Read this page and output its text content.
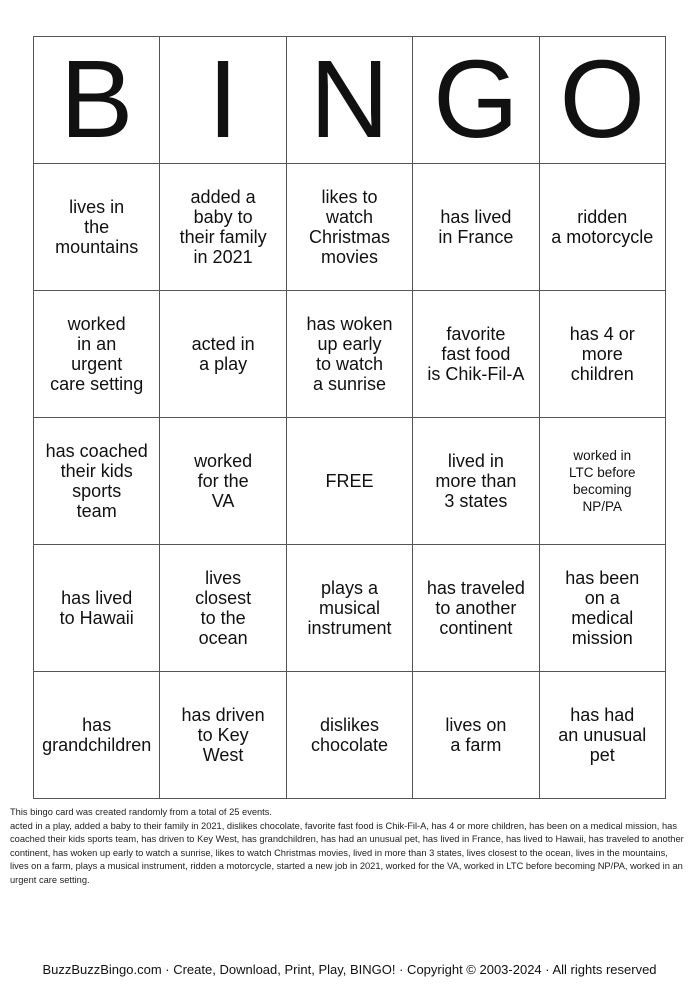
B	I	N	G	O

lives in
the
mountains	added a
baby to
their family
in 2021	likes to
watch
Christmas
movies	has lived
in France	ridden
a motorcycle

worked
in an
urgent
care setting	acted in
a play	has woken
up early
to watch
a sunrise	favorite
fast food
is Chik-Fil-A	has 4 or
more
children

has coached
their kids
sports
team	worked
for the
VA	FREE	lived in
more than
3 states	worked in
LTC before
becoming
NP/PA

has lived
to Hawaii	lives
closest
to the
ocean	plays a
musical
instrument	has traveled
to another
continent	has been
on a
medical
mission

has
grandchildren	has driven
to Key
West	dislikes
chocolate	lives on
a farm	has had
an unusual
pet

This bingo card was created randomly from a total of 25 events.

acted in a play, added a baby to their family in 2021, dislikes chocolate, favorite fast food is Chik-Fil-A, has 4 or more children, has been on a medical mission, has coached their kids sports team, has driven to Key West, has grandchildren, has had an unusual pet, has lived in France, has lived to Hawaii, has traveled to another continent, has woken up early to watch a sunrise, likes to watch Christmas movies, lived in more than 3 states, lives closest to the ocean, lives in the mountains, lives on a farm, plays a musical instrument, ridden a motorcycle, started a new job in 2021, worked for the VA, worked in LTC before becoming NP/PA, worked in an urgent care setting.

BuzzBuzzBingo.com · Create, Download, Print, Play, BINGO! · Copyright © 2003-2024 · All rights reserved
